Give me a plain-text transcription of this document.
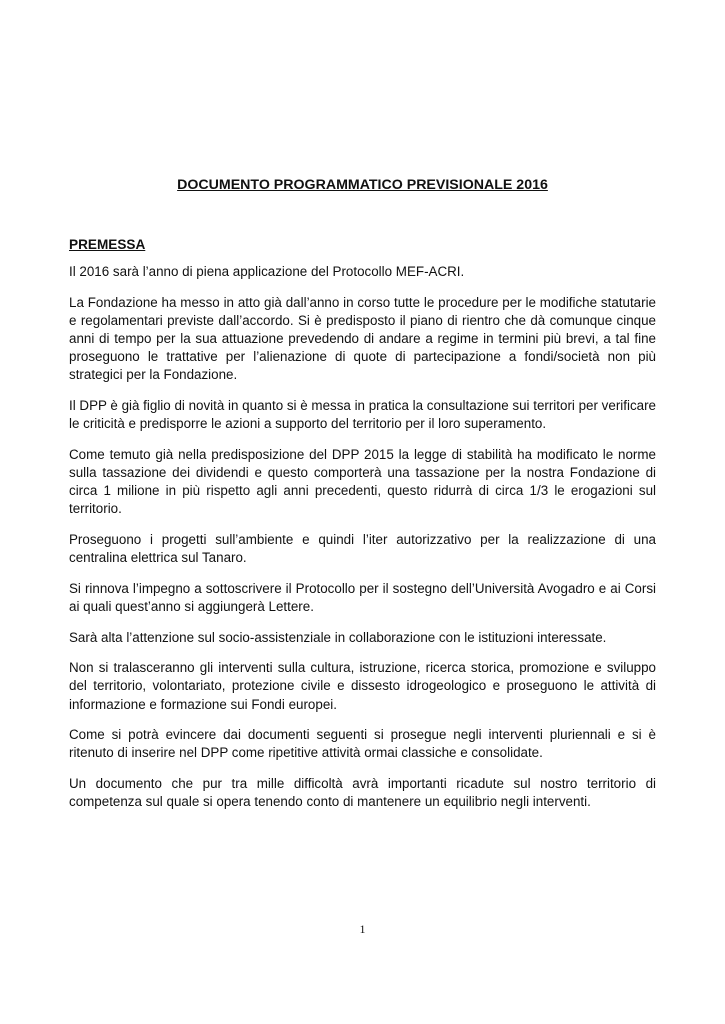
DOCUMENTO PROGRAMMATICO PREVISIONALE 2016
PREMESSA

Il 2016 sarà l’anno di piena applicazione del Protocollo MEF-ACRI.

La Fondazione ha messo in atto già dall’anno in corso tutte le procedure per le modifiche statutarie e regolamentari previste dall’accordo. Si è predisposto il piano di rientro che dà comunque cinque anni di tempo per la sua attuazione prevedendo di andare a regime in termini più brevi, a tal fine proseguono le trattative per l’alienazione di quote di partecipazione a fondi/società non più strategici per la Fondazione.

Il DPP è già figlio di novità in quanto si è messa in pratica la consultazione sui territori per verificare le criticità e predisporre le azioni a supporto del territorio per il loro superamento.

Come temuto già nella predisposizione del DPP 2015 la legge di stabilità ha modificato le norme sulla tassazione dei dividendi e questo comporterà una tassazione per la nostra Fondazione di circa 1 milione in più rispetto agli anni precedenti, questo ridurrà di circa 1/3 le erogazioni sul territorio.

Proseguono i progetti sull’ambiente e quindi l’iter autorizzativo per la realizzazione di una centralina elettrica sul Tanaro.

Si rinnova l’impegno a sottoscrivere il Protocollo per il sostegno dell’Università Avogadro e ai Corsi ai quali quest’anno si aggiungerà Lettere.

Sarà alta l’attenzione sul socio-assistenziale in collaborazione con le istituzioni interessate.

Non si tralasceranno gli interventi sulla cultura, istruzione, ricerca storica, promozione e sviluppo del territorio, volontariato, protezione civile e dissesto idrogeologico e proseguono le attività di informazione e formazione sui Fondi europei.

Come si potrà evincere dai documenti seguenti si prosegue negli interventi pluriennali e si è ritenuto di inserire nel DPP come ripetitive attività ormai classiche e consolidate.

Un documento che pur tra mille difficoltà avrà importanti ricadute sul nostro territorio di competenza sul quale si opera tenendo conto di mantenere un equilibrio negli interventi.

1
